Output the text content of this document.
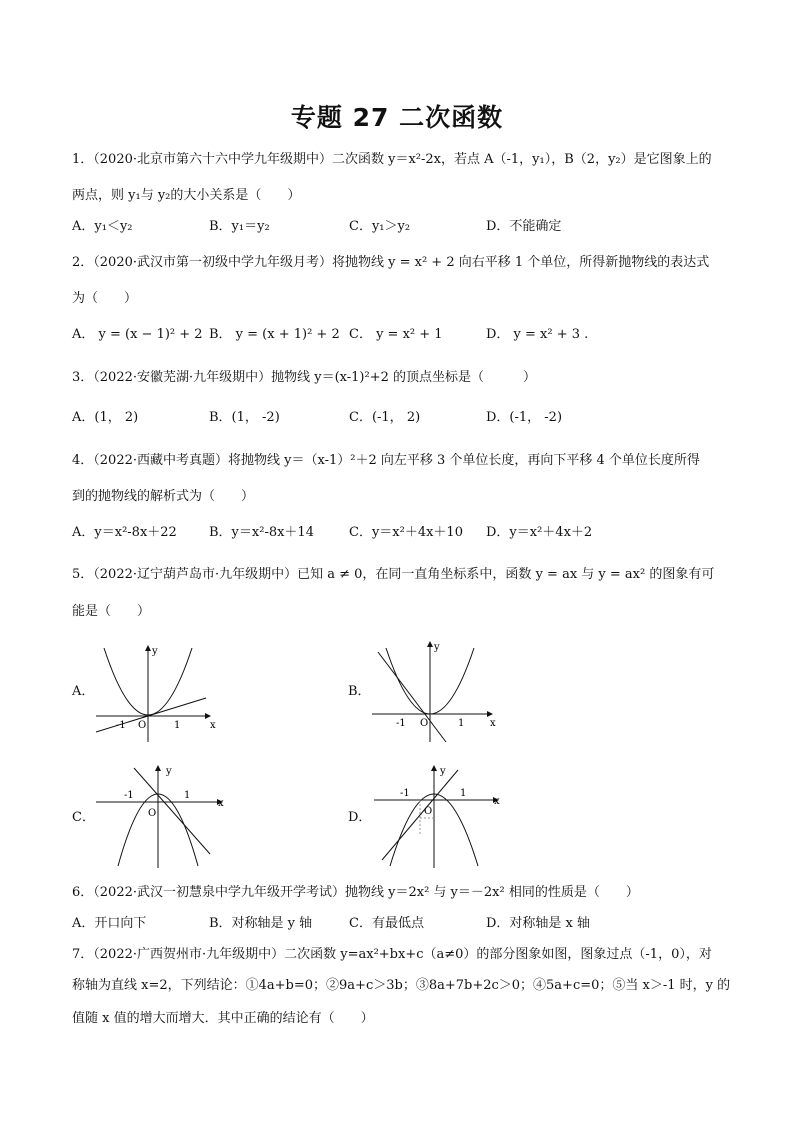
专题 27 二次函数
1．（2020·北京市第六十六中学九年级期中）二次函数 y＝x²-2x，若点 A（-1，y₁），B（2，y₂）是它图象上的
两点，则 y₁与 y₂的大小关系是（　　）
A．y₁＜y₂	B．y₁＝y₂	C．y₁＞y₂	D．不能确定
2．（2020·武汉市第一初级中学九年级月考）将抛物线 y = x² + 2 向右平移 1 个单位，所得新抛物线的表达式
为（　　）
A． y = (x − 1)² + 2 B． y = (x + 1)² + 2 C． y = x² + 1	D． y = x² + 3 .
3．（2022·安徽芜湖·九年级期中）抛物线 y＝(x-1)²+2 的顶点坐标是（　　　）
A．(1， 2)	B．(1， -2)	C．(-1， 2)	D．(-1， -2)
4．（2022·西藏中考真题）将抛物线 y＝（x-1）²＋2 向左平移 3 个单位长度，再向下平移 4 个单位长度所得
到的抛物线的解析式为（　　）
A．y＝x²-8x＋22 B．y＝x²-8x＋14	C．y＝x²＋4x＋10 D．y＝x²＋4x＋2
5．（2022·辽宁葫芦岛市·九年级期中）已知 a ≠ 0，在同一直角坐标系中，函数 y = ax 与 y = ax² 的图象有可
能是（　　）
A．	B．
C．	D．
x
y
O
-1	1	x
y
O
-1	1
x
y
O
-1	1
x
y
O
-1	1
6．（2022·武汉一初慧泉中学九年级开学考试）抛物线 y＝2x² 与 y＝－2x² 相同的性质是（　　）
A．开口向下	B．对称轴是 y 轴	C．有最低点	D．对称轴是 x 轴
7．（2022·广西贺州市·九年级期中）二次函数 y=ax²+bx+c（a≠0）的部分图象如图，图象过点（-1，0），对
称轴为直线 x=2，下列结论：①4a+b=0；②9a+c＞3b；③8a+7b+2c＞0；④5a+c=0；⑤当 x＞-1 时，y 的
值随 x 值的增大而增大．其中正确的结论有（　　）
